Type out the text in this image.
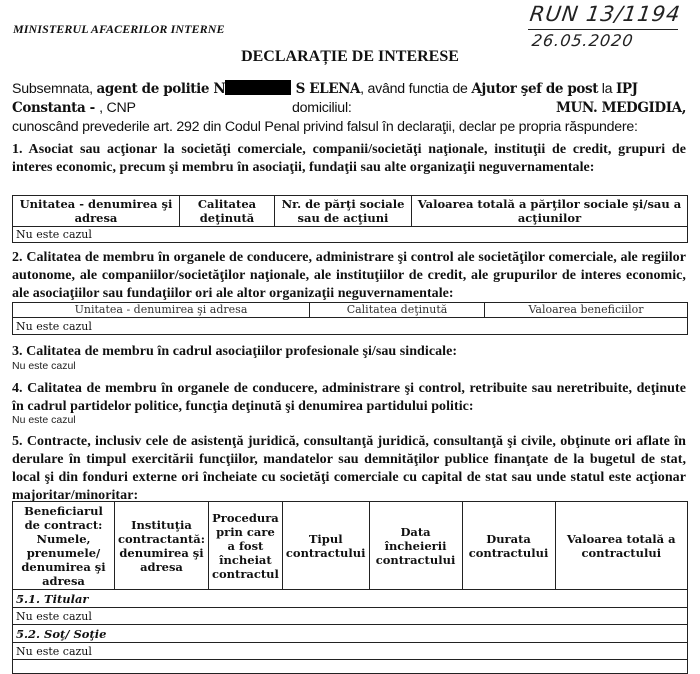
MINISTERUL AFACERILOR INTERNE
RUN 13/1194
26.05.2020
DECLARAȚIE DE INTERESE
Subsemnata, agent de politie N	S ELENA, având functia de Ajutor şef de post la IPJ
Constanta - , CNP	domiciliul:	MUN. MEDGIDIA,
cunoscând prevederile art. 292 din Codul Penal privind falsul în declaraţii, declar pe propria răspundere:
1. Asociat sau acţionar la societăţi comerciale, companii/societăţi naţionale, instituţii de credit, grupuri de interes economic, precum şi membru în asociaţii, fundaţii sau alte organizaţii neguvernamentale:
Unitatea - denumirea şi adresa	Calitatea deţinută	Nr. de părţi sociale sau de acţiuni	Valoarea totală a părţilor sociale şi/sau a acţiunilor
Nu este cazul
2. Calitatea de membru în organele de conducere, administrare şi control ale societăţilor comerciale, ale regiilor autonome, ale companiilor/societăţilor naţionale, ale instituţiilor de credit, ale grupurilor de interes economic, ale asociaţiilor sau fundaţiilor ori ale altor organizaţii neguvernamentale:
Unitatea - denumirea şi adresa	Calitatea deţinută	Valoarea beneficiilor
Nu este cazul
3. Calitatea de membru în cadrul asociaţiilor profesionale şi/sau sindicale:
Nu este cazul
4. Calitatea de membru în organele de conducere, administrare şi control, retribuite sau neretribuite, deţinute în cadrul partidelor politice, funcţia deţinută şi denumirea partidului politic:
Nu este cazul
5. Contracte, inclusiv cele de asistenţă juridică, consultanţă juridică, consultanţă şi civile, obţinute ori aflate în derulare în timpul exercitării funcţiilor, mandatelor sau demnităţilor publice finanţate de la bugetul de stat, local şi din fonduri externe ori încheiate cu societăţi comerciale cu capital de stat sau unde statul este acţionar majoritar/minoritar:
Beneficiarul de contract: Numele, prenumele/ denumirea şi adresa	Instituţia contractantă: denumirea şi adresa	Procedura prin care a fost încheiat contractul	Tipul contractului	Data încheierii contractului	Durata contractului	Valoarea totală a contractului
5.1. Titular
Nu este cazul
5.2. Soţ/ Soţie
Nu este cazul
